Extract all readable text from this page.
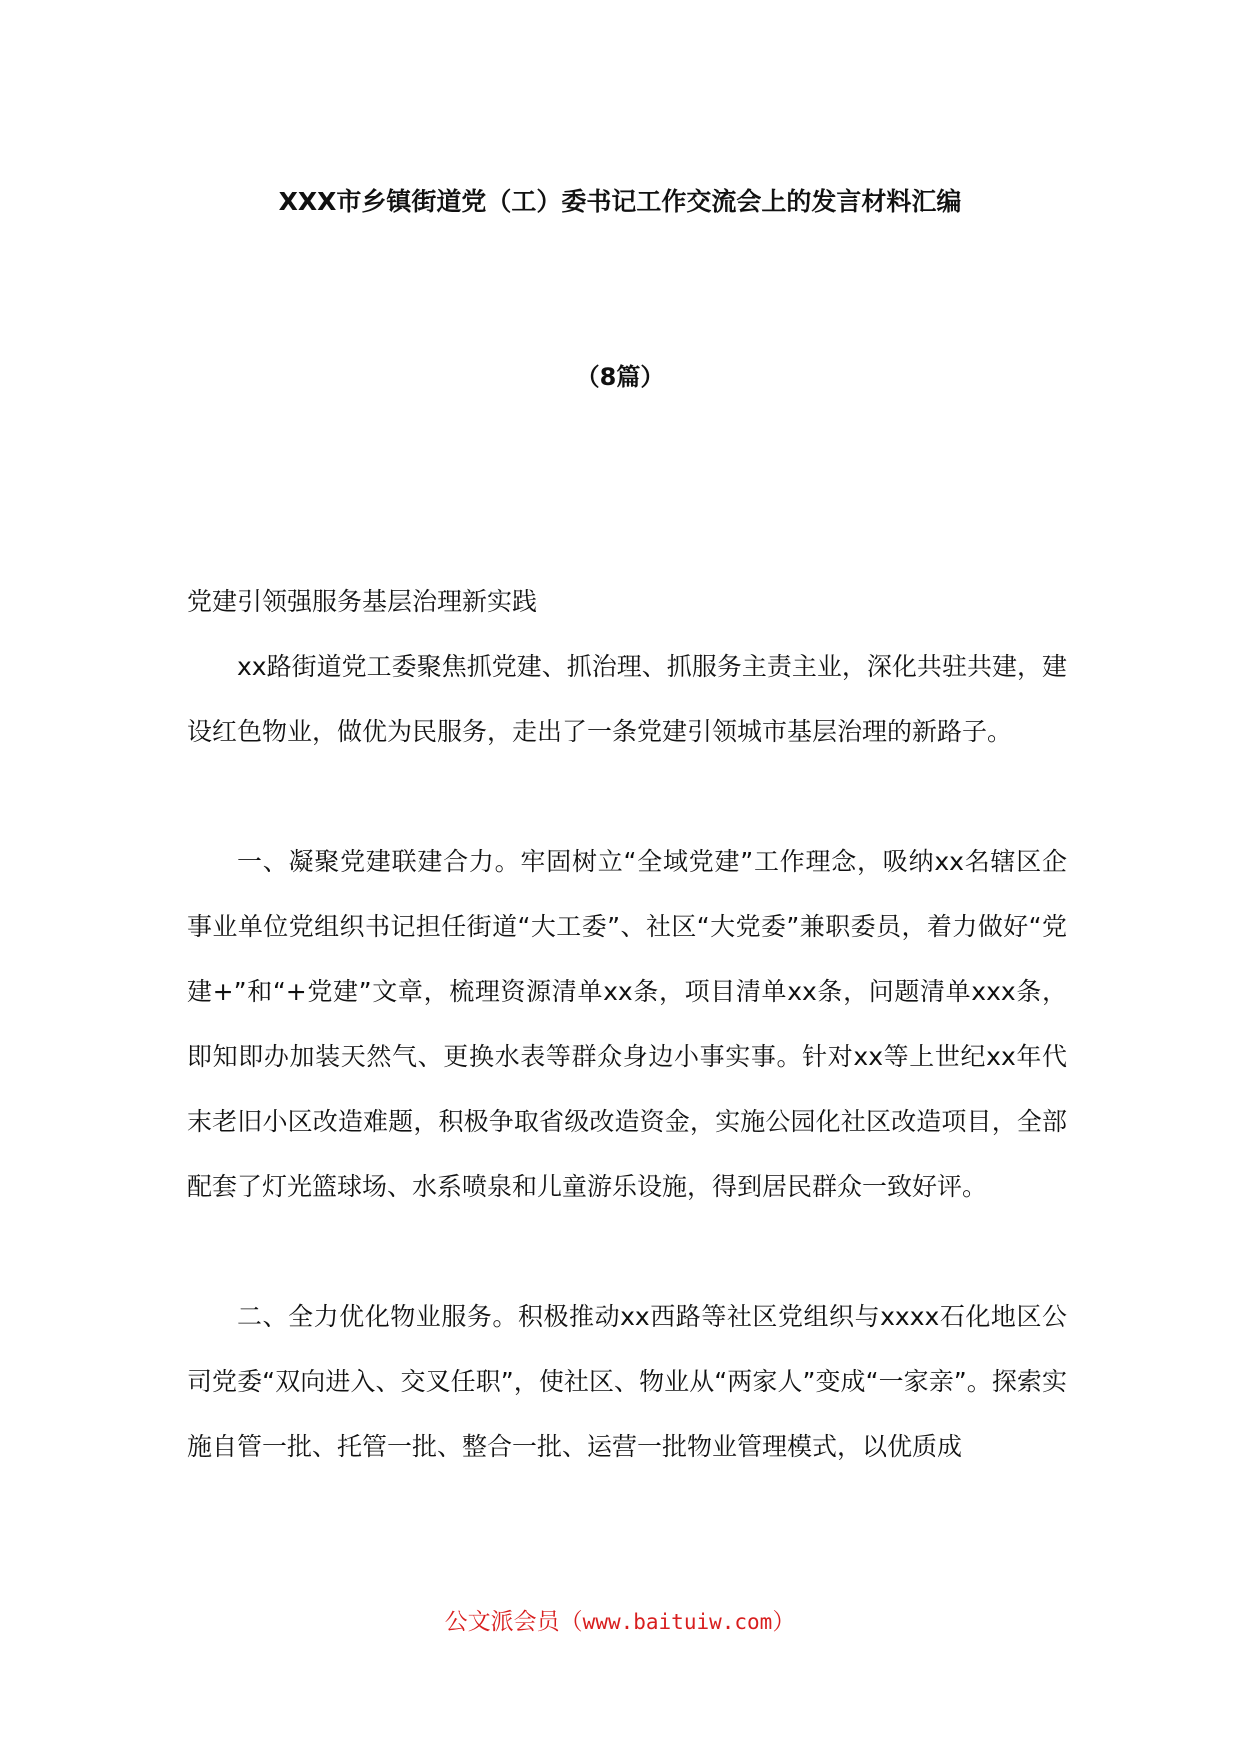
XXX市乡镇街道党（工）委书记工作交流会上的发言材料汇编
（8篇）

党建引领强服务基层治理新实践

xx路街道党工委聚焦抓党建、抓治理、抓服务主责主业，深化共驻共建，建设红色物业，做优为民服务，走出了一条党建引领城市基层治理的新路子。

一、凝聚党建联建合力。牢固树立“全域党建”工作理念，吸纳xx名辖区企事业单位党组织书记担任街道“大工委”、社区“大党委”兼职委员，着力做好“党建+”和“+党建”文章，梳理资源清单xx条，项目清单xx条，问题清单xxx条，即知即办加装天然气、更换水表等群众身边小事实事。针对xx等上世纪xx年代末老旧小区改造难题，积极争取省级改造资金，实施公园化社区改造项目，全部配套了灯光篮球场、水系喷泉和儿童游乐设施，得到居民群众一致好评。

二、全力优化物业服务。积极推动xx西路等社区党组织与xxxx石化地区公司党委“双向进入、交叉任职”，使社区、物业从“两家人”变成“一家亲”。探索实施自管一批、托管一批、整合一批、运营一批物业管理模式，以优质成

公文派会员（www.baituiw.com）
